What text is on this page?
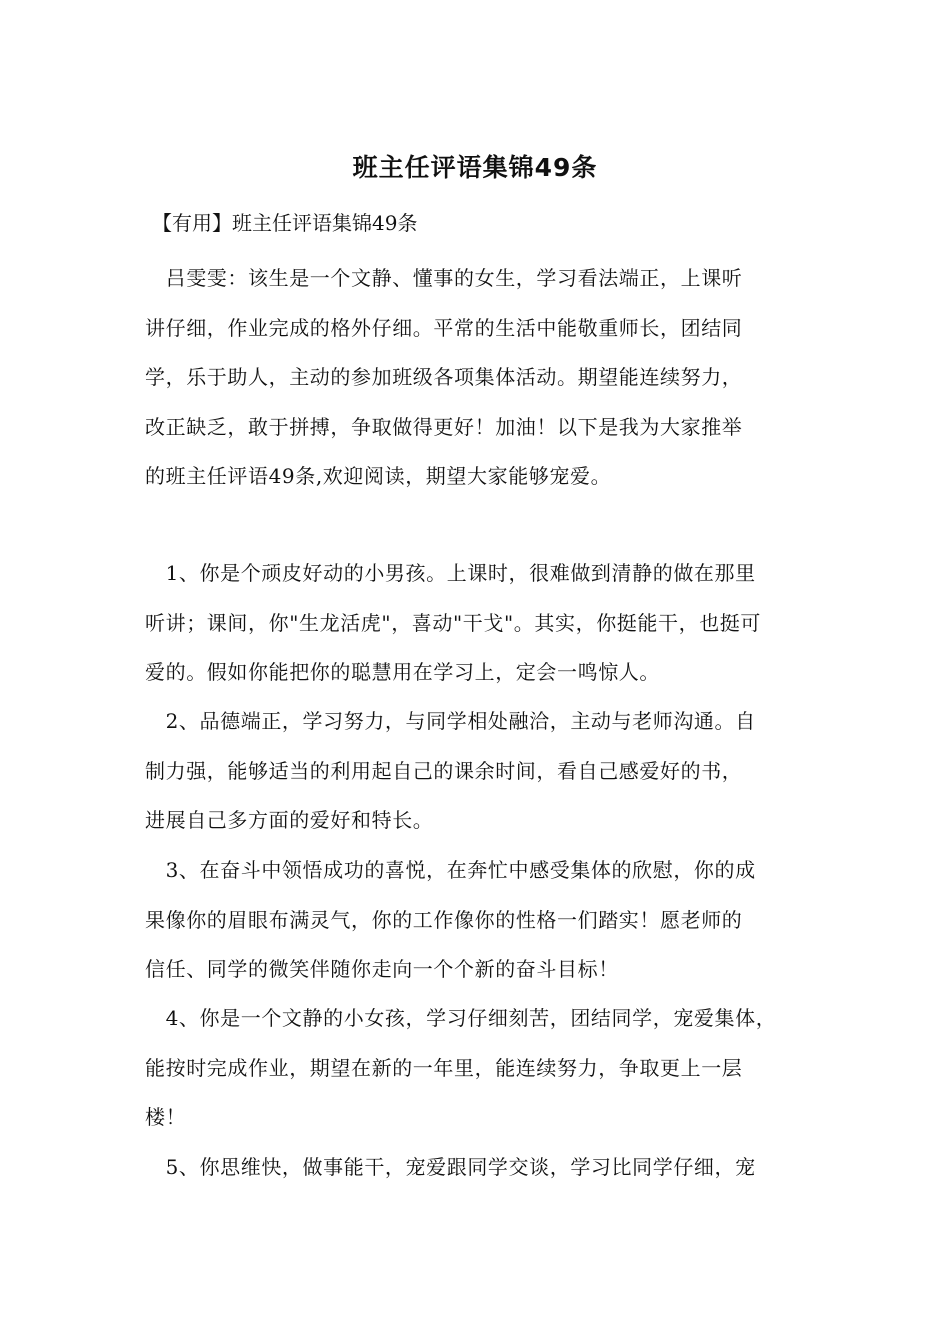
班主任评语集锦49条
【有用】班主任评语集锦49条
　吕雯雯：该生是一个文静、懂事的女生，学习看法端正，上课听
讲仔细，作业完成的格外仔细。平常的生活中能敬重师长，团结同
学，乐于助人，主动的参加班级各项集体活动。期望能连续努力，
改正缺乏，敢于拼搏，争取做得更好！加油！以下是我为大家推举
的班主任评语49条,欢迎阅读，期望大家能够宠爱。
　1、你是个顽皮好动的小男孩。上课时，很难做到清静的做在那里
听讲；课间，你"生龙活虎"，喜动"干戈"。其实，你挺能干，也挺可
爱的。假如你能把你的聪慧用在学习上，定会一鸣惊人。
　2、品德端正，学习努力，与同学相处融洽，主动与老师沟通。自
制力强，能够适当的利用起自己的课余时间，看自己感爱好的书，
进展自己多方面的爱好和特长。
　3、在奋斗中领悟成功的喜悦，在奔忙中感受集体的欣慰，你的成
果像你的眉眼布满灵气，你的工作像你的性格一们踏实！愿老师的
信任、同学的微笑伴随你走向一个个新的奋斗目标！
　4、你是一个文静的小女孩，学习仔细刻苦，团结同学，宠爱集体，
能按时完成作业，期望在新的一年里，能连续努力，争取更上一层
楼！
　5、你思维快，做事能干，宠爱跟同学交谈，学习比同学仔细，宠
